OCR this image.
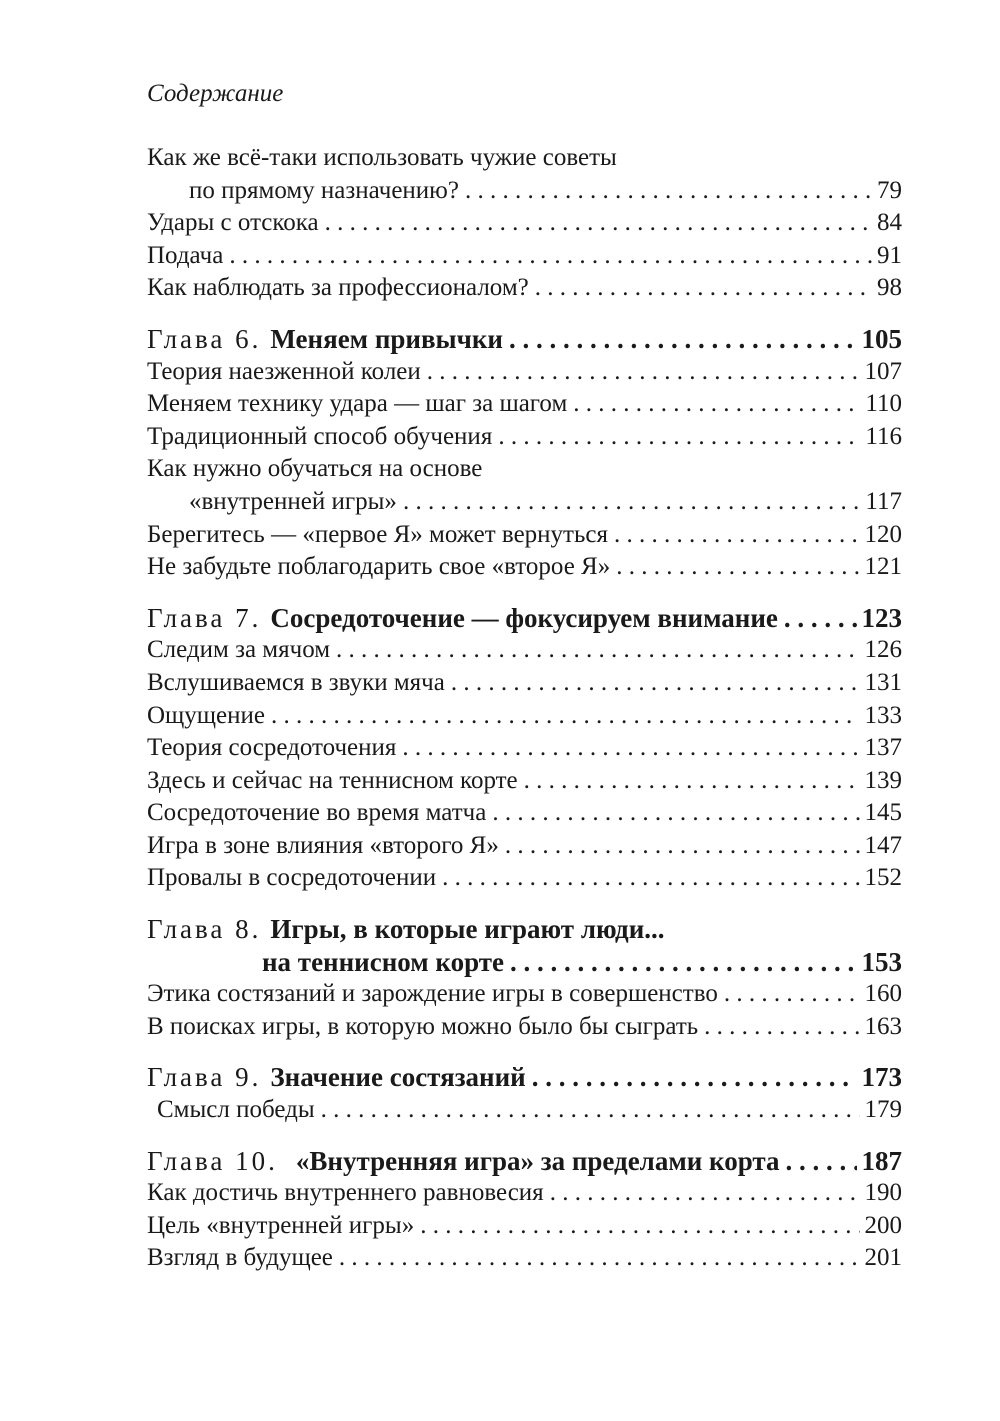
Содержание
Как же всё-таки использовать чужие советы
по прямому назначению? . . .	79
Удары с отскока . . .	84
Подача . . .	91
Как наблюдать за профессионалом? . . .	98
Глава 6. Меняем привычки . . .	105
Теория наезженной колеи . . .	107
Меняем технику удара — шаг за шагом . . .	110
Традиционный способ обучения . . .	116
Как нужно обучаться на основе
«внутренней игры» . . .	117
Берегитесь — «первое Я» может вернуться . . .	120
Не забудьте поблагодарить свое «второе Я» . . .	121
Глава 7. Сосредоточение — фокусируем внимание . . .	123
Следим за мячом . . .	126
Вслушиваемся в звуки мяча . . .	131
Ощущение . . .	133
Теория сосредоточения . . .	137
Здесь и сейчас на теннисном корте . . .	139
Сосредоточение во время матча . . .	145
Игра в зоне влияния «второго Я» . . .	147
Провалы в сосредоточении . . .	152
Глава 8. Игры, в которые играют люди...
на теннисном корте . . .	153
Этика состязаний и зарождение игры в совершенство . . .	160
В поисках игры, в которую можно было бы сыграть . . .	163
Глава 9. Значение состязаний . . .	173
Смысл победы . . .	179
Глава 10. «Внутренняя игра» за пределами корта . . .	187
Как достичь внутреннего равновесия . . .	190
Цель «внутренней игры» . . .	200
Взгляд в будущее . . .	201
